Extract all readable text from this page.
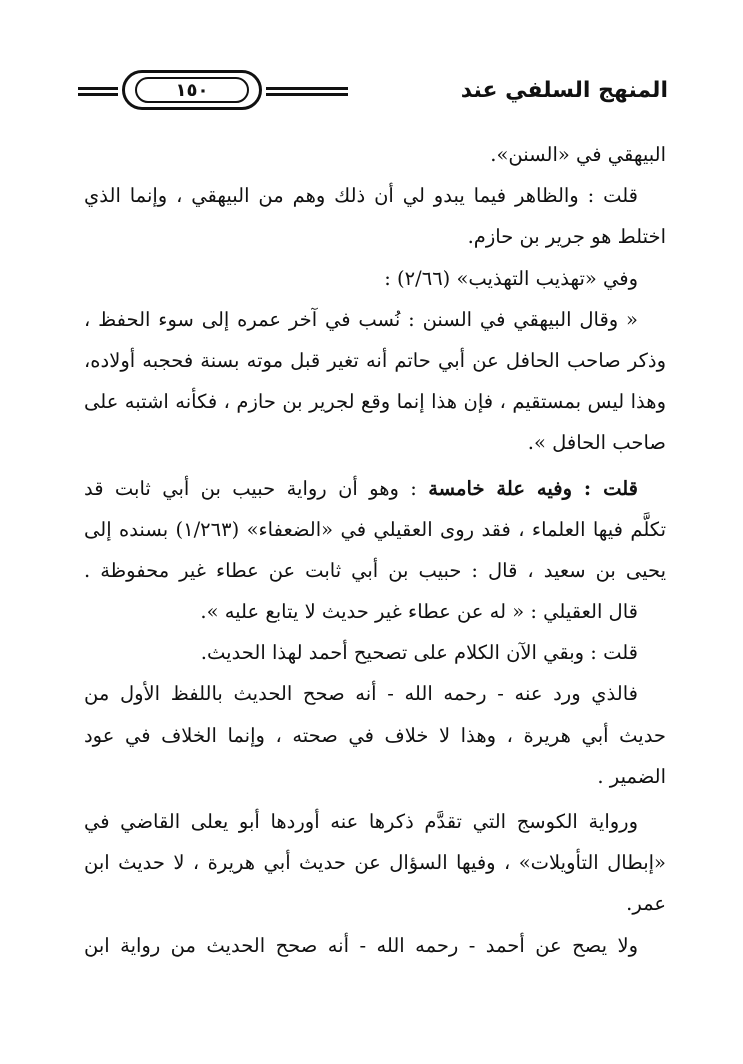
١٥٠	المنهج السلفي عند
البيهقي في «السنن».
قلت : والظاهر فيما يبدو لي أن ذلك وهم من البيهقي ، وإنما الذي
اختلط هو جرير بن حازم.
وفي «تهذيب التهذيب» (٢/٦٦) :
« وقال البيهقي في السنن : نُسب في آخر عمره إلى سوء الحفظ ،
وذكر صاحب الحافل عن أبي حاتم أنه تغير قبل موته بسنة فحجبه أولاده،
وهذا ليس بمستقيم ، فإن هذا إنما وقع لجرير بن حازم ، فكأنه اشتبه على
صاحب الحافل ».
قلت : وفيه علة خامسة : وهو أن رواية حبيب بن أبي ثابت قد
تكلَّم فيها العلماء ، فقد روى العقيلي في «الضعفاء» (١/٢٦٣) بسنده إلى
يحيى بن سعيد ، قال : حبيب بن أبي ثابت عن عطاء غير محفوظة .
قال العقيلي : « له عن عطاء غير حديث لا يتابع عليه ».
قلت : وبقي الآن الكلام على تصحيح أحمد لهذا الحديث.
فالذي ورد عنه - رحمه الله - أنه صحح الحديث باللفظ الأول من
حديث أبي هريرة ، وهذا لا خلاف في صحته ، وإنما الخلاف في عود
الضمير .
ورواية الكوسج التي تقدَّم ذكرها عنه أوردها أبو يعلى القاضي في
«إبطال التأويلات» ، وفيها السؤال عن حديث أبي هريرة ، لا حديث ابن
عمر.
ولا يصح عن أحمد - رحمه الله - أنه صحح الحديث من رواية ابن
